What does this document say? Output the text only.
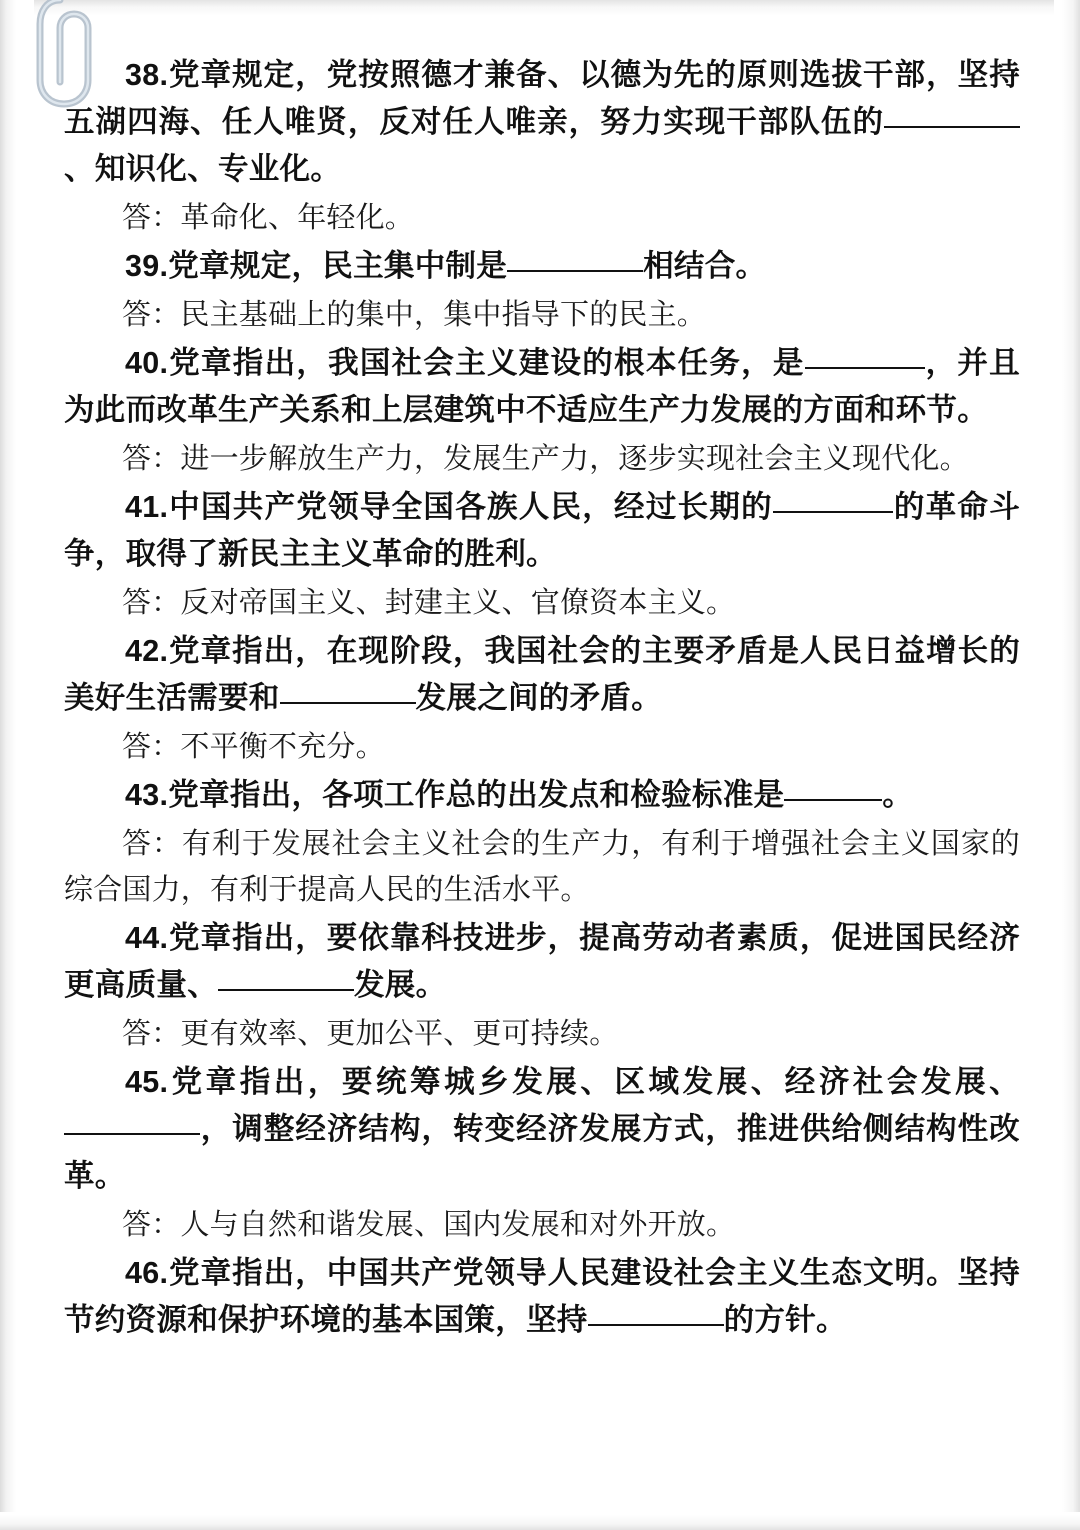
38.党章规定，党按照德才兼备、以德为先的原则选拔干部，坚持五湖四海、任人唯贤，反对任人唯亲，努力实现干部队伍的、知识化、专业化。

答：革命化、年轻化。

39.党章规定，民主集中制是	相结合。

答：民主基础上的集中，集中指导下的民主。

40.党章指出，我国社会主义建设的根本任务，是	，并且为此而改革生产关系和上层建筑中不适应生产力发展的方面和环节。

答：进一步解放生产力，发展生产力，逐步实现社会主义现代化。

41.中国共产党领导全国各族人民，经过长期的	的革命斗争，取得了新民主主义革命的胜利。

答：反对帝国主义、封建主义、官僚资本主义。

42.党章指出，在现阶段，我国社会的主要矛盾是人民日益增长的美好生活需要和	发展之间的矛盾。

答：不平衡不充分。

43.党章指出，各项工作总的出发点和检验标准是	。

答：有利于发展社会主义社会的生产力，有利于增强社会主义国家的综合国力，有利于提高人民的生活水平。

44.党章指出，要依靠科技进步，提高劳动者素质，促进国民经济更高质量、	发展。

答：更有效率、更加公平、更可持续。

45.党章指出，要统筹城乡发展、区域发展、经济社会发展、，调整经济结构，转变经济发展方式，推进供给侧结构性改革。

答：人与自然和谐发展、国内发展和对外开放。

46.党章指出，中国共产党领导人民建设社会主义生态文明。坚持节约资源和保护环境的基本国策，坚持	的方针。
